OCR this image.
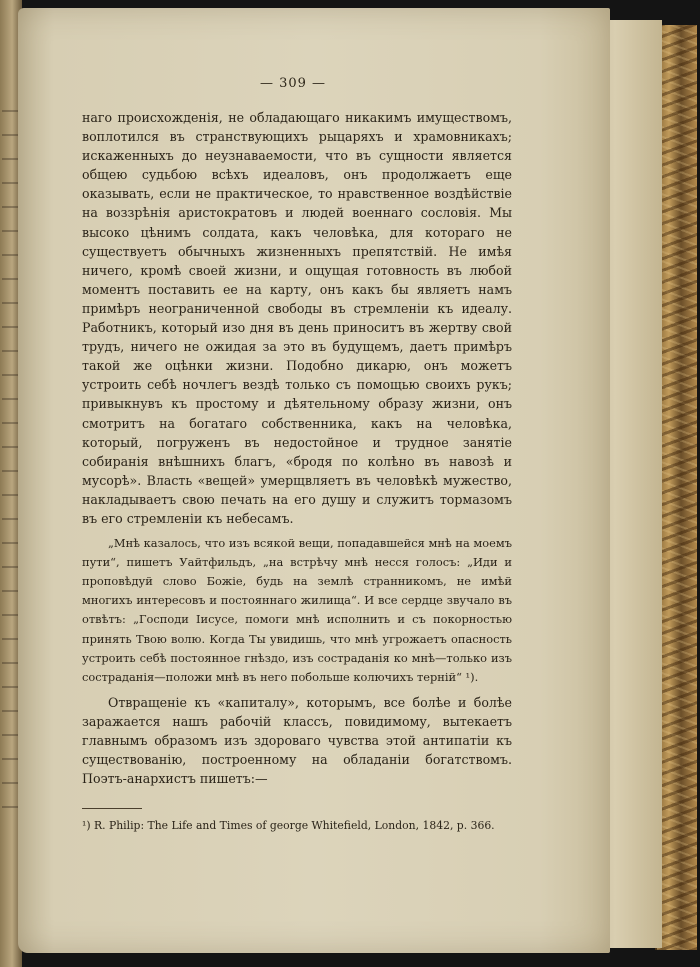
— 309 —

наго происхожденія, не обладающаго никакимъ имуществомъ, воплотился въ странствующихъ рыцаряхъ и храмовникахъ; искаженныхъ до неузнаваемости, что въ сущности является общею судьбою всѣхъ идеаловъ, онъ продолжаетъ еще оказывать, если не практическое, то нравственное воздѣйствіе на воззрѣнія аристократовъ и людей военнаго сословія. Мы высоко цѣнимъ солдата, какъ человѣка, для котораго не существуетъ обычныхъ жизненныхъ препятствій. Не имѣя ничего, кромѣ своей жизни, и ощущая готовность въ любой моментъ поставить ее на карту, онъ какъ бы являетъ намъ примѣръ неограниченной свободы въ стремленіи къ идеалу. Работникъ, который изо дня въ день приноситъ въ жертву свой трудъ, ничего не ожидая за это въ будущемъ, даетъ примѣръ такой же оцѣнки жизни. Подобно дикарю, онъ можетъ устроить себѣ ночлегъ вездѣ только съ помощью своихъ рукъ; привыкнувъ къ простому и дѣятельному образу жизни, онъ смотритъ на богатаго собственника, какъ на человѣка, который, погруженъ въ недостойное и трудное занятіе собиранія внѣшнихъ благъ, «бродя по колѣно въ навозѣ и мусорѣ». Власть «вещей» умерщвляетъ въ человѣкѣ мужество, накладываетъ свою печать на его душу и служитъ тормазомъ въ его стремленіи къ небесамъ.

„Мнѣ казалось, что изъ всякой вещи, попадавшейся мнѣ на моемъ пути“, пишетъ Уайтфильдъ, „на встрѣчу мнѣ несся голосъ: „Иди и проповѣдуй слово Божіе, будь на землѣ странникомъ, не имѣй многихъ интересовъ и постояннаго жилища“. И все сердце звучало въ отвѣтъ: „Господи Іисусе, помоги мнѣ исполнить и съ покорностью принять Твою волю. Когда Ты увидишь, что мнѣ угрожаетъ опасность устроить себѣ постоянное гнѣздо, изъ состраданія ко мнѣ—только изъ состраданія—положи мнѣ въ него побольше колючихъ терній“ ¹).

Отвращеніе къ «капиталу», которымъ, все болѣе и болѣе заражается нашъ рабочій классъ, повидимому, вытекаетъ главнымъ образомъ изъ здороваго чувства этой антипатіи къ существованію, построенному на обладаніи богатствомъ. Поэтъ-анархистъ пишетъ:—

¹) R. Philip: The Life and Times of george Whitefield, London, 1842, p. 366.
